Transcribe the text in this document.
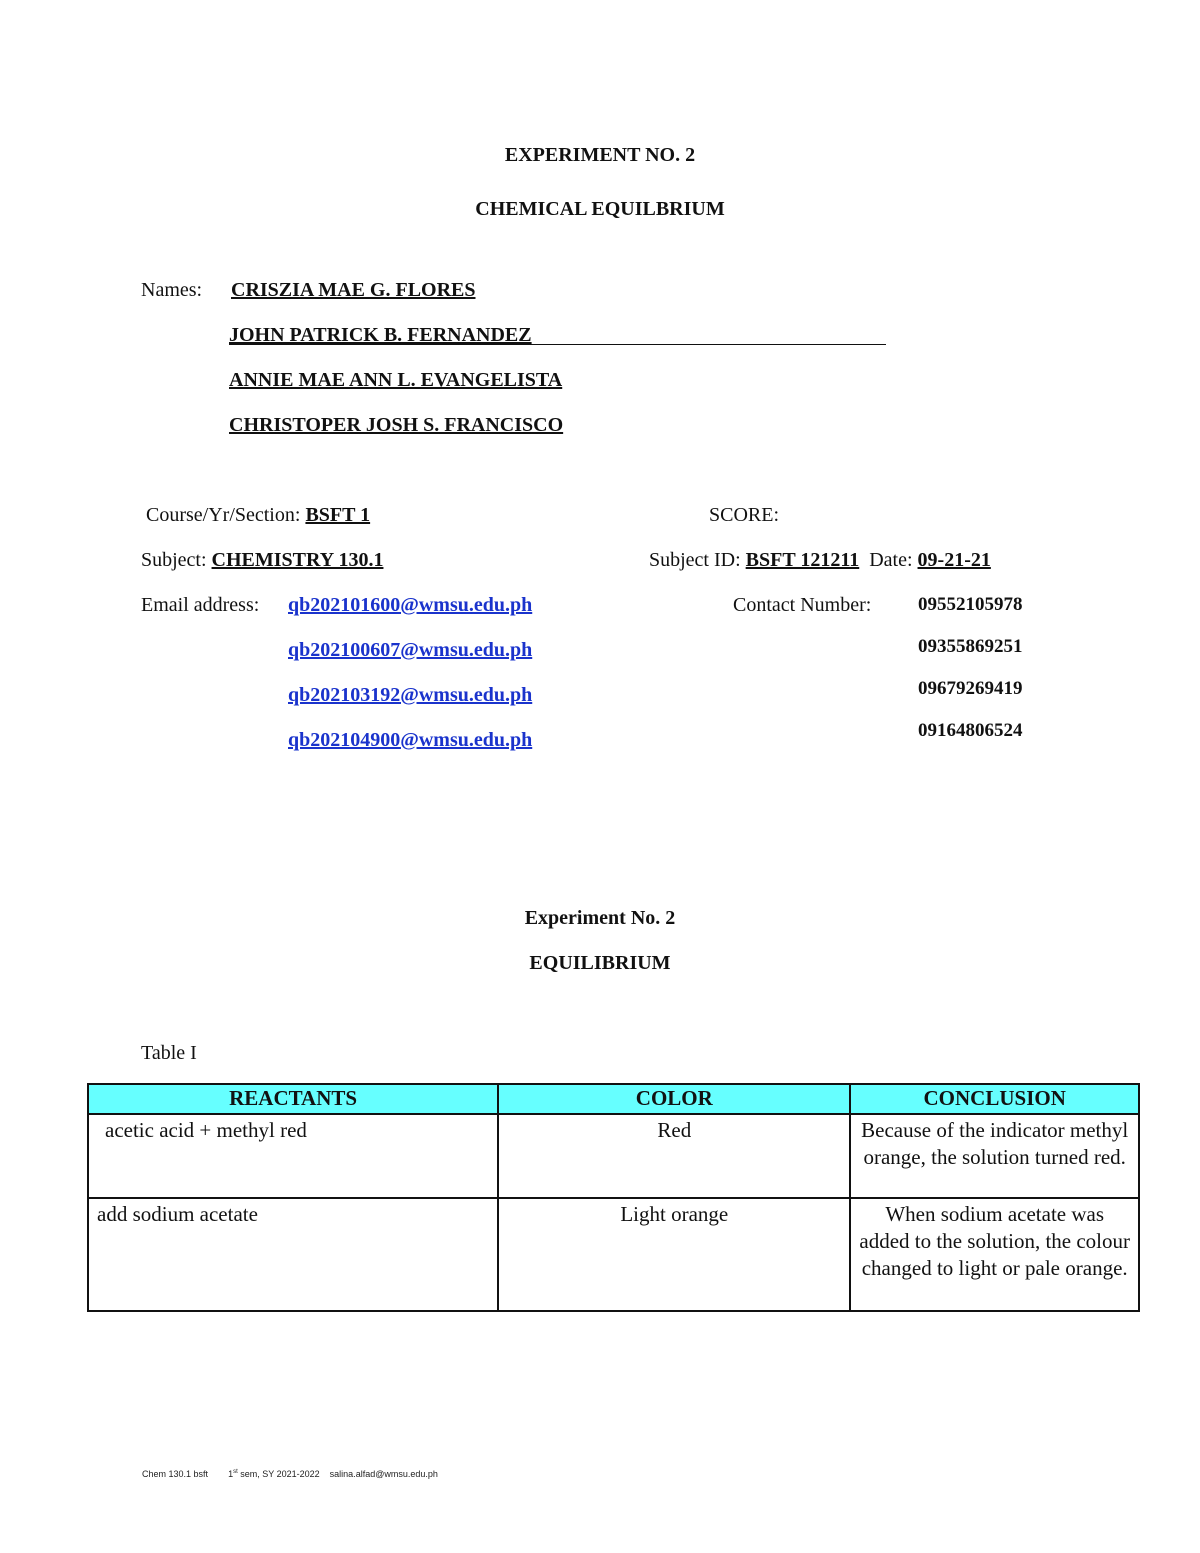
EXPERIMENT NO. 2
CHEMICAL EQUILBRIUM
Names: CRISZIA MAE G. FLORES
JOHN PATRICK B. FERNANDEZ
ANNIE MAE ANN L. EVANGELISTA
CHRISTOPER JOSH S. FRANCISCO
Course/Yr/Section: BSFT 1	SCORE:
Subject: CHEMISTRY 130.1	Subject ID: BSFT 121211 Date: 09-21-21
Email address: qb202101600@wmsu.edu.ph
qb202100607@wmsu.edu.ph
qb202103192@wmsu.edu.ph
qb202104900@wmsu.edu.ph
Contact Number: 09552105978
09355869251
09679269419
09164806524
Experiment No. 2
EQUILIBRIUM
Table I
REACTANTS	COLOR	CONCLUSION
acetic acid + methyl red	Red	Because of the indicator methyl orange, the solution turned red.
add sodium acetate	Light orange	When sodium acetate was added to the solution, the colour changed to light or pale orange.
Chem 130.1 bsft 1st sem, SY 2021-2022 salina.alfad@wmsu.edu.ph
